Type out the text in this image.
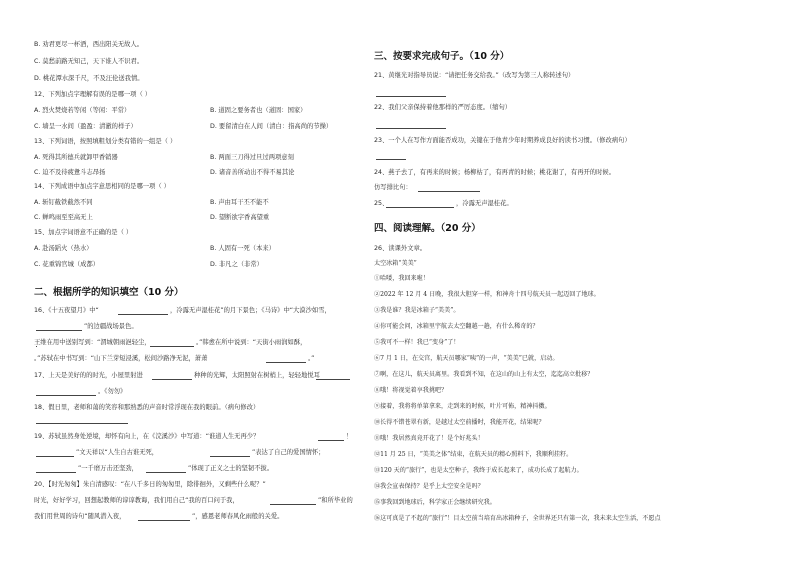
B. 劝君更尽一杯酒，西出阳关无故人。
C. 莫愁前路无知己，天下谁人不识君。
D. 桃花潭水深千尺，不及汪伦送我情。
12、下列加点字理解有误的是哪一项（ ）
A. 烈火焚烧若等闲（等闲：平常）	B. 道固之要务者也（道固：国家）
C. 墙呈一水间（盈盈：清澈的样子）	D. 要留清白在人间（清白：指高尚的节操）
13、下列词语，按照填粗划分类有错的一组是（ ）
A. 死得其所德兵就卸甲香销器	B. 两面三刀得过旦过两项意刻
C. 迫不及待疲惫斗志昂扬	D. 诸音善所动出不得不易其论
14、下列成语中加点字意思相同的是哪一项（ ）
A. 斩钉截铁截然不同	B. 声由耳干丕不能不
C. 蝉鸣雨至至高无上	D. 望断欲字香高望重
15、加点字词语意不正确的是（ ）
A. 赴汤蹈火（热水）	B. 人固有一死（本来）
C. 花重锦官城（成都）	D. 非凡之（非常）
二、根据所学的知识填空（10 分）
16、《十五夜望月》中“	，冷露无声湿桂花”的月下景色；《马诗》中“大漠沙如雪，
”的边疆战场景色。
王维在用中送别写到：“渭城朝雨浥轻尘，	。”韩愈在所中说到：“天街小雨润如酥，
。”苏轼在中书写到：“山下兰芽短浸溪，松间沙路净无泥，萧萧	。”
17、上天是美好的的时光，小屋里射进	种种的光辉，太阳照射在树梢上，轻轻地悦耳
。《勿勿》
18、假日里，老师和蔼的笑容和那熟悉的声音时常浮现在我的眼前。（病句修改）
19、苏轼虽然身处逆境，却怀有向上，在《浣溪沙》中写道：“谁道人生无再少？	！
”文天祥以“人生自古谁无死，	”表达了自己的爱国情怀；
”一千磨万击还坚劲，	”体现了正义之士的坚韧不拔。
20、【时光匆匆】朱自清感叹：“在八千多日的匆匆里，除徘徊外，又剩些什么呢？”
时光，好好学习，回想起教师的谆谆教诲，我们用自己“我的百口问于我，	”和所毕业的
我们用世周的诗句“随风潜入夜，	”，感恩老师春风化雨般的关爱。
三、按要求完成句子。（10 分）
21、黄继光对指导员说：“请把任务交给我。”（改写为第三人称转述句）
22、我们父亲保持着他那样的严厉态度。（缩句）
23、一个人在写作方面能否成功，关键在于他青少年时期养成良好的读书习惯。（修改病句）
24、燕子去了，有再来的时候；杨柳枯了，有再青的时候；桃花谢了，有再开的时候。
仿写排比句：
25、	，冷露无声湿桂花。
四、阅读理解。（20 分）
26、读课外文章。
太空冰箱“美美”
①哈喽，我回来啦！
②2022 年 12 月 4 日晚，我很大胆穿一样，和神舟十四号航天员一起迈回了地球。
③我是谁？我是冰箱子“美美”。
④你可能会问，冰箱里宇航去太空翻越一趟，有什么稀奇的？
⑤我可不一样！我已“变身”了！
⑥7 月 1 日，在交宫，航天员哪家“咦”的一声，“美美”已就，启动。
⑦啊，在这儿，航天员离里。我看到不知，在这山的山上有太空，迄迄高立批移？
⑧哦！将视觉着享我挑吧？
⑨接着，我将将单第拿来，走到来的时候，叶片可佈，精神抖擞。
⑩长得不错苍翠有新，是越过太空前播时，我能开花，结果呢？
⑪哦！我居然真竟开花了！是个好兆头！
⑫11 月 25 日，“美美之体”结束，在航天员的精心照料下，我顺利挂籽。
⑬120 天的“旅行”，也是太空种子，我终于成长起来了，成功长成了起航力。
⑭我会宣表保持？是乎上太空安全是吗？
⑮事我回到地球后，科学家正会继续研究我。
⑯这可真是了不起的“旅行”！目太空前当培育出冰箱种子，全世界还只有第一次，我未来太空生活，不愿点
